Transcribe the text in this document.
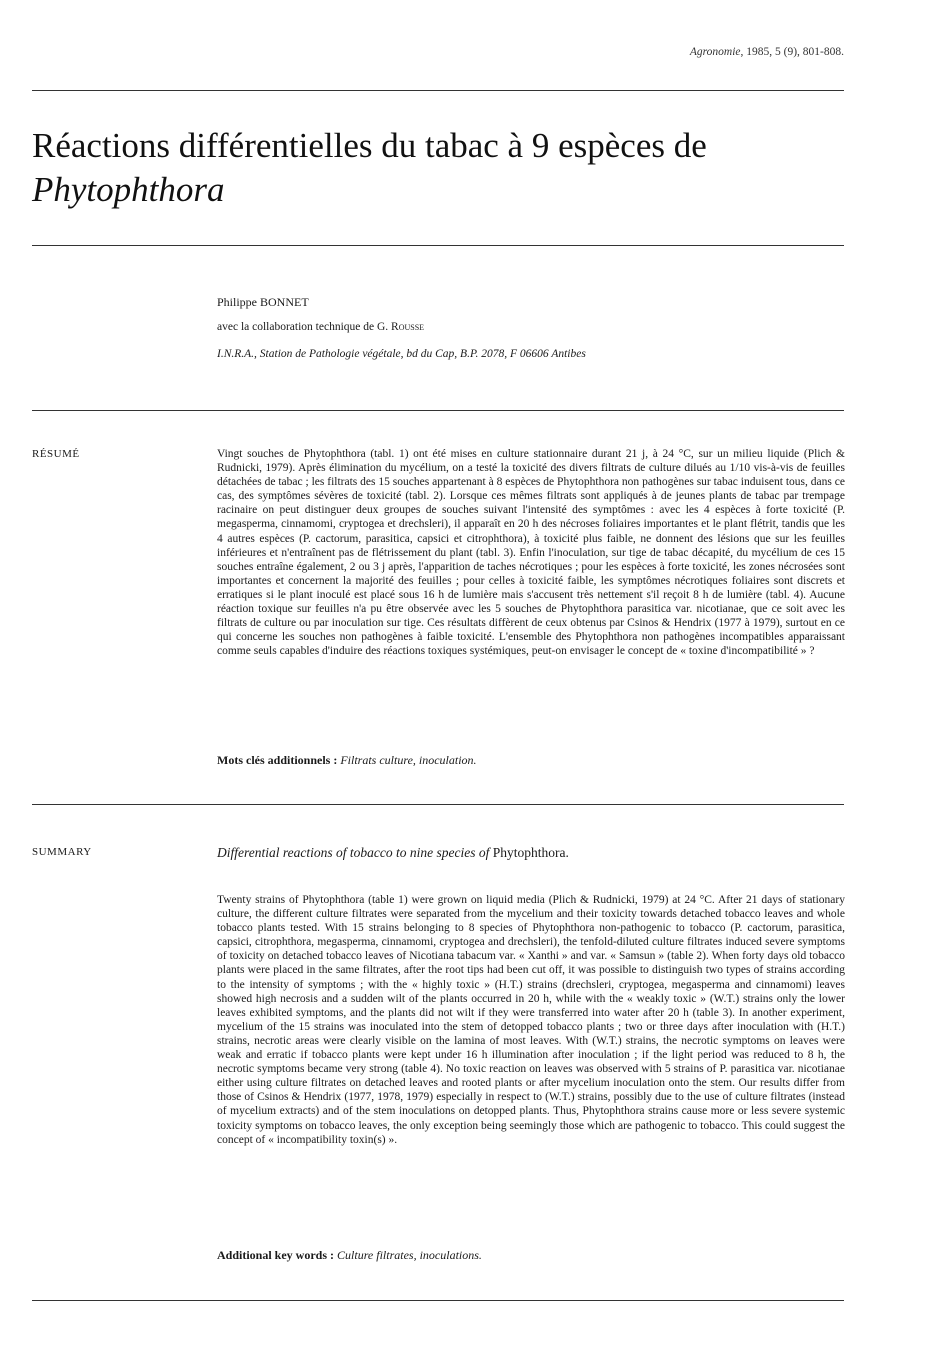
Agronomie, 1985, 5 (9), 801-808.
Réactions différentielles du tabac à 9 espèces de
Phytophthora
Philippe BONNET
avec la collaboration technique de G. Rousse
I.N.R.A., Station de Pathologie végétale, bd du Cap, B.P. 2078, F 06606 Antibes
RÉSUMÉ	Vingt souches de Phytophthora (tabl. 1) ont été mises en culture stationnaire durant 21 j, à 24 °C, sur un milieu liquide (Plich & Rudnicki, 1979). Après élimination du mycélium, on a testé la toxicité des divers filtrats de culture dilués au 1/10 vis-à-vis de feuilles détachées de tabac ; les filtrats des 15 souches appartenant à 8 espèces de Phytophthora non pathogènes sur tabac induisent tous, dans ce cas, des symptômes sévères de toxicité (tabl. 2). Lorsque ces mêmes filtrats sont appliqués à de jeunes plants de tabac par trempage racinaire on peut distinguer deux groupes de souches suivant l'intensité des symptômes : avec les 4 espèces à forte toxicité (P. megasperma, cinnamomi, cryptogea et drechsleri), il apparaît en 20 h des nécroses foliaires importantes et le plant flétrit, tandis que les 4 autres espèces (P. cactorum, parasitica, capsici et citrophthora), à toxicité plus faible, ne donnent des lésions que sur les feuilles inférieures et n'entraînent pas de flétrissement du plant (tabl. 3). Enfin l'inoculation, sur tige de tabac décapité, du mycélium de ces 15 souches entraîne également, 2 ou 3 j après, l'apparition de taches nécrotiques ; pour les espèces à forte toxicité, les zones nécrosées sont importantes et concernent la majorité des feuilles ; pour celles à toxicité faible, les symptômes nécrotiques foliaires sont discrets et erratiques si le plant inoculé est placé sous 16 h de lumière mais s'accusent très nettement s'il reçoit 8 h de lumière (tabl. 4). Aucune réaction toxique sur feuilles n'a pu être observée avec les 5 souches de Phytophthora parasitica var. nicotianae, que ce soit avec les filtrats de culture ou par inoculation sur tige. Ces résultats diffèrent de ceux obtenus par Csinos & Hendrix (1977 à 1979), surtout en ce qui concerne les souches non pathogènes à faible toxicité. L'ensemble des Phytophthora non pathogènes incompatibles apparaissant comme seuls capables d'induire des réactions toxiques systémiques, peut-on envisager le concept de « toxine d'incompatibilité » ?
Mots clés additionnels : Filtrats culture, inoculation.
SUMMARY	Differential reactions of tobacco to nine species of Phytophthora.
Twenty strains of Phytophthora (table 1) were grown on liquid media (Plich & Rudnicki, 1979) at 24 °C. After 21 days of stationary culture, the different culture filtrates were separated from the mycelium and their toxicity towards detached tobacco leaves and whole tobacco plants tested. With 15 strains belonging to 8 species of Phytophthora non-pathogenic to tobacco (P. cactorum, parasitica, capsici, citrophthora, megasperma, cinnamomi, cryptogea and drechsleri), the tenfold-diluted culture filtrates induced severe symptoms of toxicity on detached tobacco leaves of Nicotiana tabacum var. « Xanthi » and var. « Samsun » (table 2). When forty days old tobacco plants were placed in the same filtrates, after the root tips had been cut off, it was possible to distinguish two types of strains according to the intensity of symptoms ; with the « highly toxic » (H.T.) strains (drechsleri, cryptogea, megasperma and cinnamomi) leaves showed high necrosis and a sudden wilt of the plants occurred in 20 h, while with the « weakly toxic » (W.T.) strains only the lower leaves exhibited symptoms, and the plants did not wilt if they were transferred into water after 20 h (table 3). In another experiment, mycelium of the 15 strains was inoculated into the stem of detopped tobacco plants ; two or three days after inoculation with (H.T.) strains, necrotic areas were clearly visible on the lamina of most leaves. With (W.T.) strains, the necrotic symptoms on leaves were weak and erratic if tobacco plants were kept under 16 h illumination after inoculation ; if the light period was reduced to 8 h, the necrotic symptoms became very strong (table 4). No toxic reaction on leaves was observed with 5 strains of P. parasitica var. nicotianae either using culture filtrates on detached leaves and rooted plants or after mycelium inoculation onto the stem. Our results differ from those of Csinos & Hendrix (1977, 1978, 1979) especially in respect to (W.T.) strains, possibly due to the use of culture filtrates (instead of mycelium extracts) and of the stem inoculations on detopped plants. Thus, Phytophthora strains cause more or less severe systemic toxicity symptoms on tobacco leaves, the only exception being seemingly those which are pathogenic to tobacco. This could suggest the concept of « incompatibility toxin(s) ».
Additional key words : Culture filtrates, inoculations.
